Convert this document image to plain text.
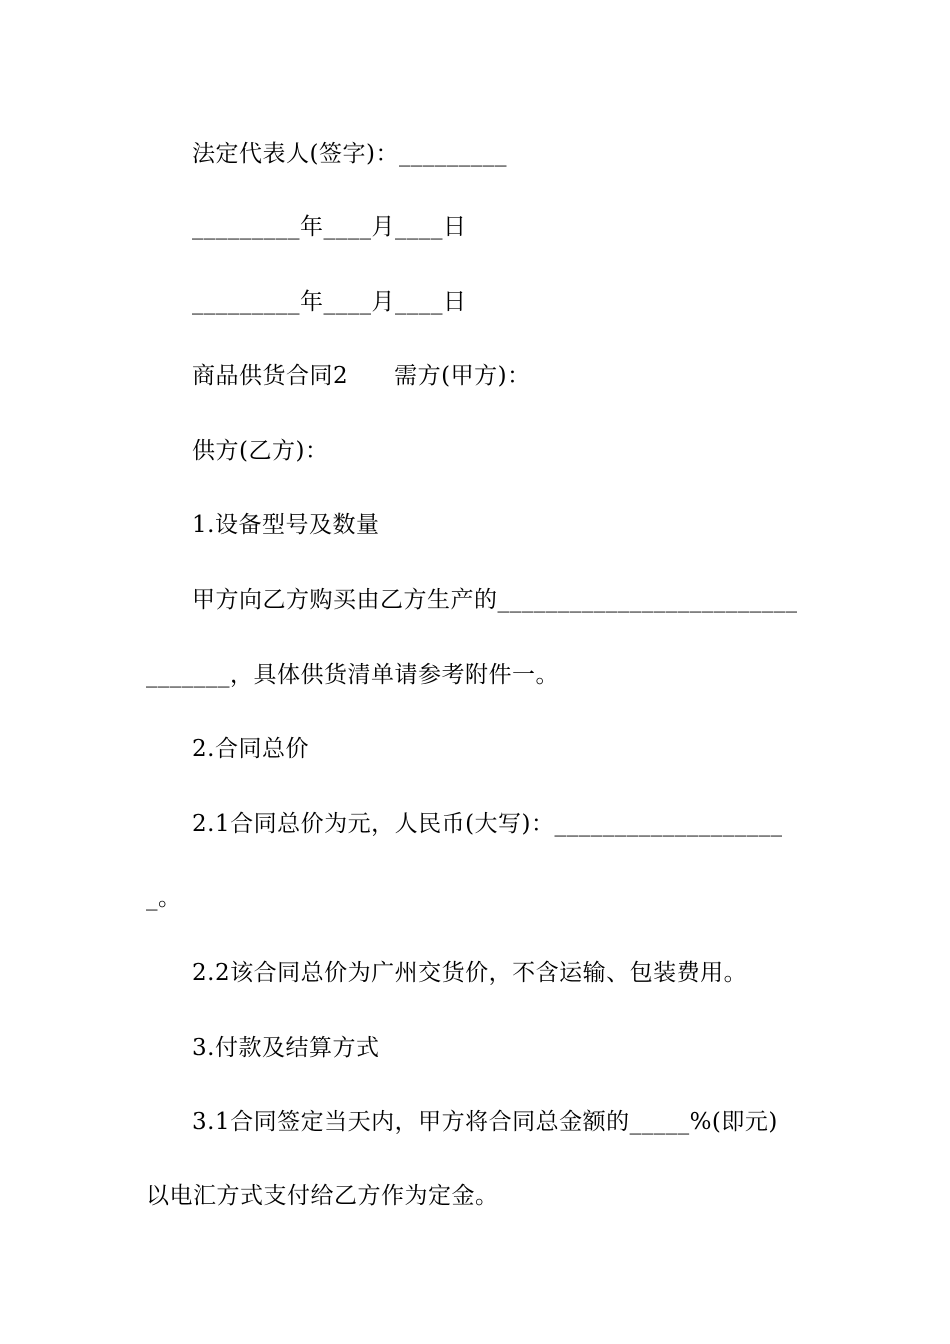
法定代表人(签字)：_________
_________年____月____日
_________年____月____日
商品供货合同2 需方(甲方)：
供方(乙方)：
1.设备型号及数量
甲方向乙方购买由乙方生产的_________________________
_______，具体供货清单请参考附件一。
2.合同总价
2.1合同总价为元，人民币(大写)：___________________
_。
2.2该合同总价为广州交货价，不含运输、包装费用。
3.付款及结算方式
3.1合同签定当天内，甲方将合同总金额的_____%(即元)
以电汇方式支付给乙方作为定金。
